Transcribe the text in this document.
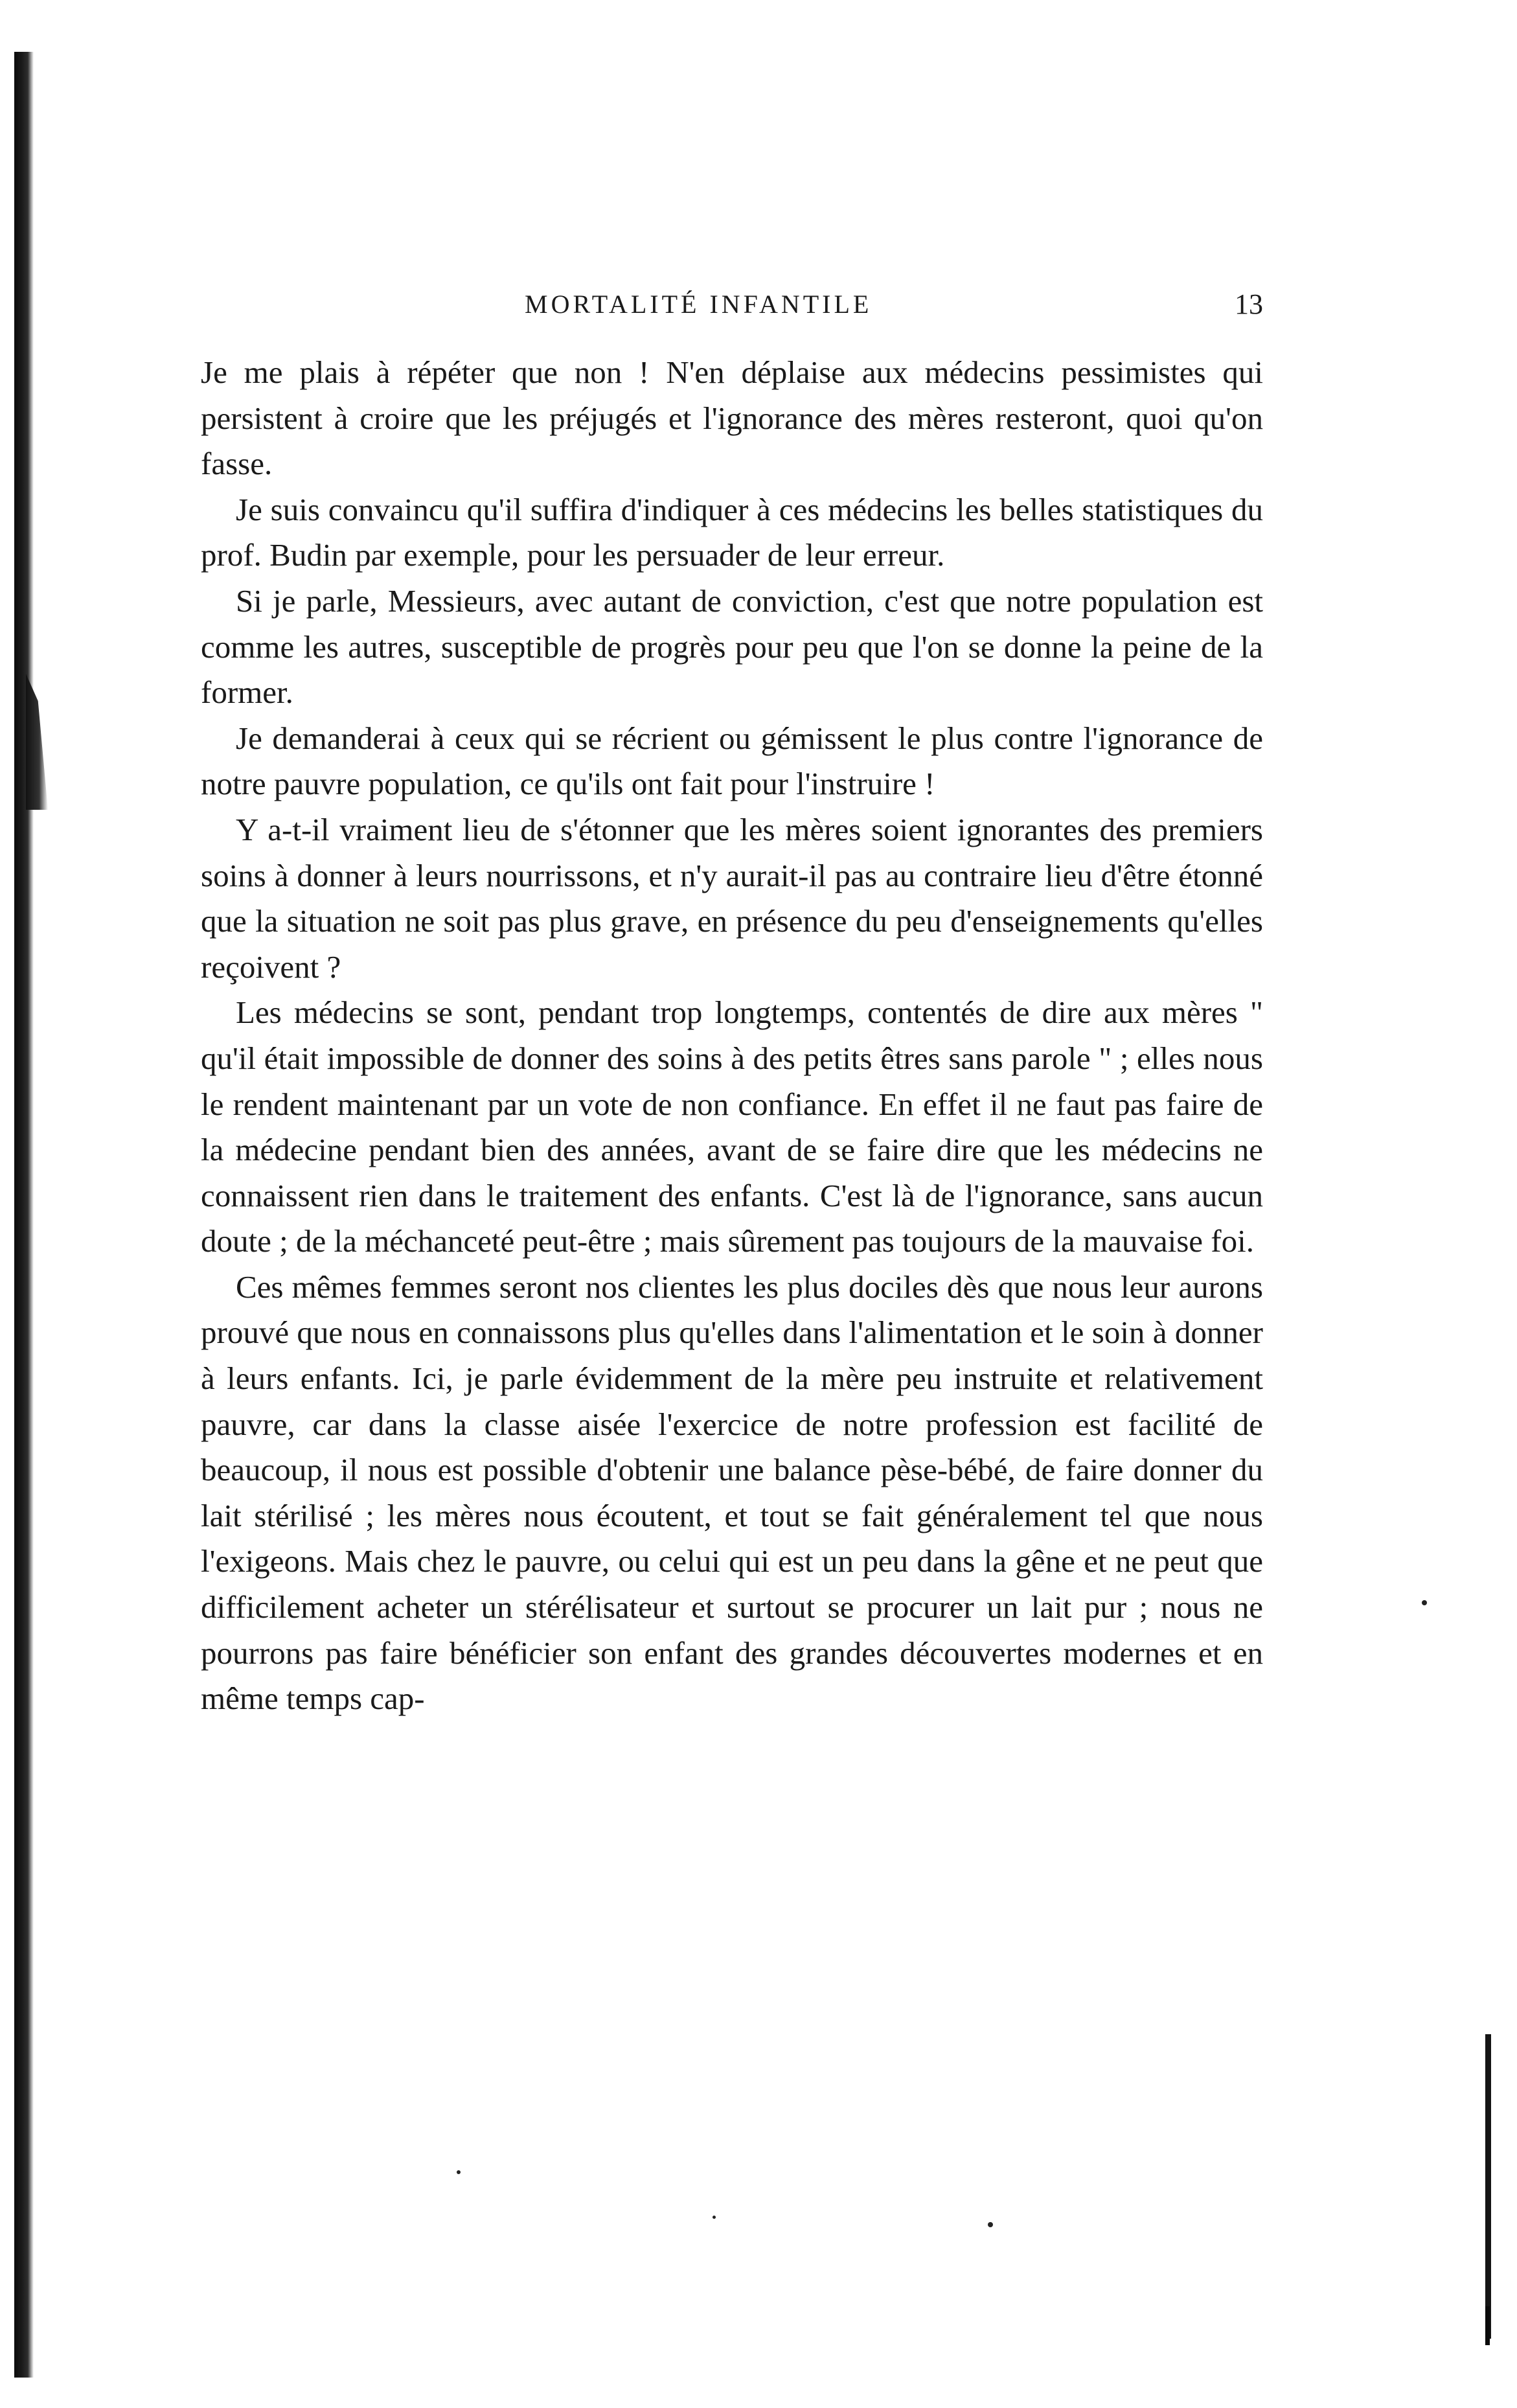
MORTALITÉ INFANTILE	13

Je me plais à répéter que non ! N'en déplaise aux médecins pessimistes qui persistent à croire que les préjugés et l'ignorance des mères resteront, quoi qu'on fasse.

Je suis convaincu qu'il suffira d'indiquer à ces médecins les belles statistiques du prof. Budin par exemple, pour les persuader de leur erreur.

Si je parle, Messieurs, avec autant de conviction, c'est que notre population est comme les autres, susceptible de progrès pour peu que l'on se donne la peine de la former.

Je demanderai à ceux qui se récrient ou gémissent le plus contre l'ignorance de notre pauvre population, ce qu'ils ont fait pour l'instruire !

Y a-t-il vraiment lieu de s'étonner que les mères soient ignorantes des premiers soins à donner à leurs nourrissons, et n'y aurait-il pas au contraire lieu d'être étonné que la situation ne soit pas plus grave, en présence du peu d'enseignements qu'elles reçoivent ?

Les médecins se sont, pendant trop longtemps, contentés de dire aux mères " qu'il était impossible de donner des soins à des petits êtres sans parole " ; elles nous le rendent maintenant par un vote de non confiance. En effet il ne faut pas faire de la médecine pendant bien des années, avant de se faire dire que les médecins ne connaissent rien dans le traitement des enfants. C'est là de l'ignorance, sans aucun doute ; de la méchanceté peut-être ; mais sûrement pas toujours de la mauvaise foi.

Ces mêmes femmes seront nos clientes les plus dociles dès que nous leur aurons prouvé que nous en connaissons plus qu'elles dans l'alimentation et le soin à donner à leurs enfants. Ici, je parle évidemment de la mère peu instruite et relativement pauvre, car dans la classe aisée l'exercice de notre profession est facilité de beaucoup, il nous est possible d'obtenir une balance pèse-bébé, de faire donner du lait stérilisé ; les mères nous écoutent, et tout se fait généralement tel que nous l'exigeons. Mais chez le pauvre, ou celui qui est un peu dans la gêne et ne peut que difficilement acheter un stérélisateur et surtout se procurer un lait pur ; nous ne pourrons pas faire bénéficier son enfant des grandes découvertes modernes et en même temps cap-
